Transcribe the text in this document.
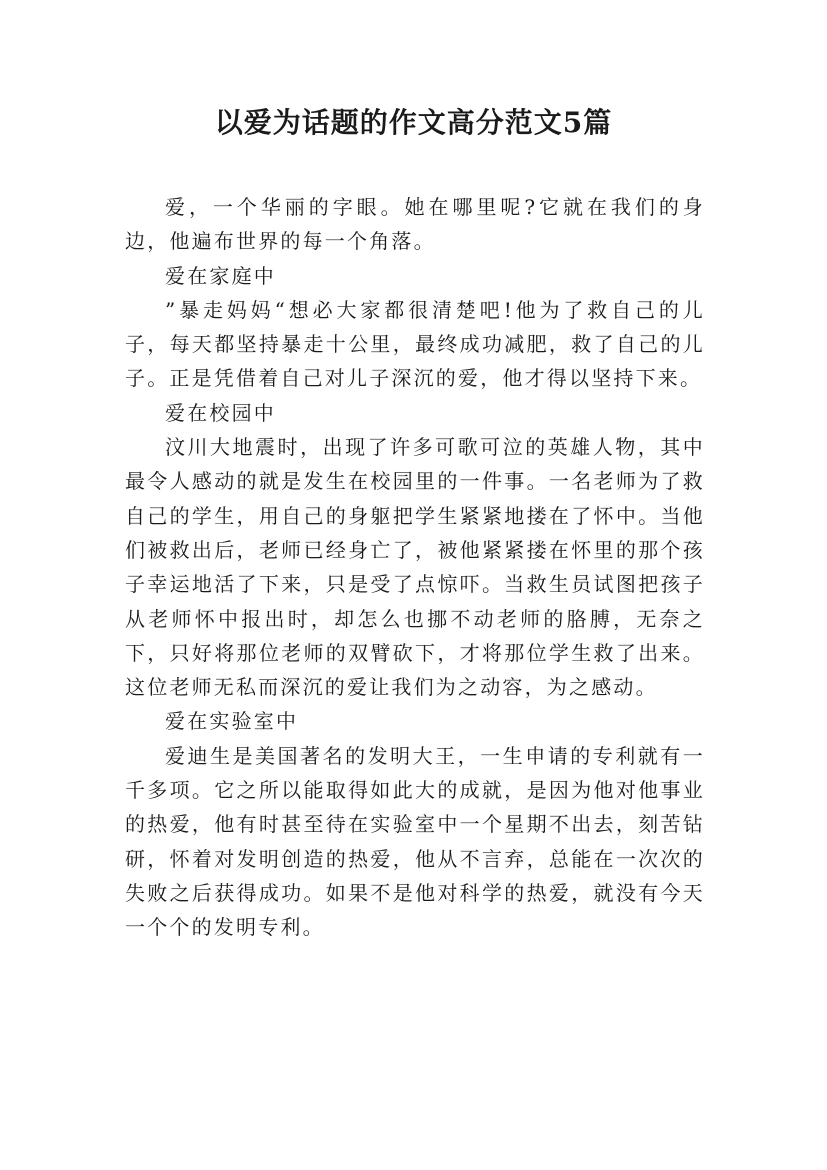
以爱为话题的作文高分范文5篇

爱，一个华丽的字眼。她在哪里呢?它就在我们的身边，他遍布世界的每一个角落。

爱在家庭中

”暴走妈妈“想必大家都很清楚吧!他为了救自己的儿子，每天都坚持暴走十公里，最终成功减肥，救了自己的儿子。正是凭借着自己对儿子深沉的爱，他才得以坚持下来。

爱在校园中

汶川大地震时，出现了许多可歌可泣的英雄人物，其中最令人感动的就是发生在校园里的一件事。一名老师为了救自己的学生，用自己的身躯把学生紧紧地搂在了怀中。当他们被救出后，老师已经身亡了，被他紧紧搂在怀里的那个孩子幸运地活了下来，只是受了点惊吓。当救生员试图把孩子从老师怀中报出时，却怎么也挪不动老师的胳膊，无奈之下，只好将那位老师的双臂砍下，才将那位学生救了出来。这位老师无私而深沉的爱让我们为之动容，为之感动。

爱在实验室中

爱迪生是美国著名的发明大王，一生申请的专利就有一千多项。它之所以能取得如此大的成就，是因为他对他事业的热爱，他有时甚至待在实验室中一个星期不出去，刻苦钻研，怀着对发明创造的热爱，他从不言弃，总能在一次次的失败之后获得成功。如果不是他对科学的热爱，就没有今天一个个的发明专利。
